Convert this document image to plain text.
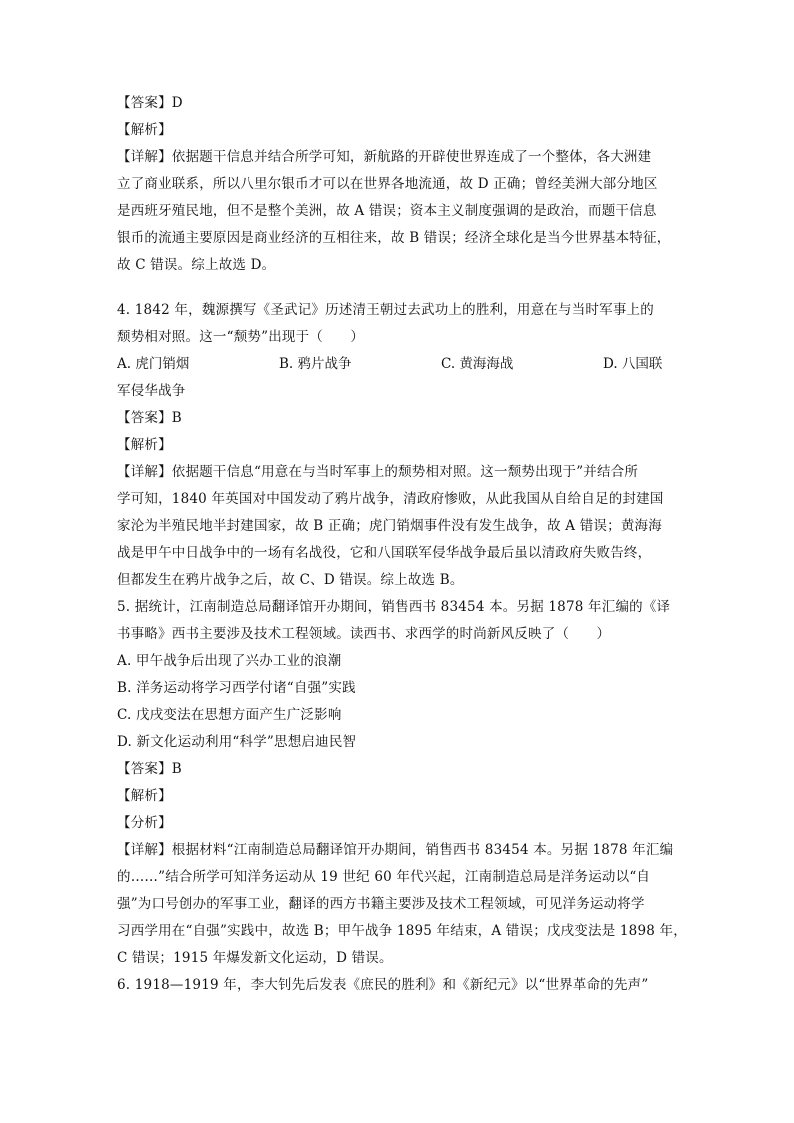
【答案】D
【解析】
【详解】依据题干信息并结合所学可知，新航路的开辟使世界连成了一个整体，各大洲建
立了商业联系，所以八里尔银币才可以在世界各地流通，故 D 正确；曾经美洲大部分地区
是西班牙殖民地，但不是整个美洲，故 A 错误；资本主义制度强调的是政治，而题干信息
银币的流通主要原因是商业经济的互相往来，故 B 错误；经济全球化是当今世界基本特征，
故 C 错误。综上故选 D。
4. 1842 年，魏源撰写《圣武记》历述清王朝过去武功上的胜利，用意在与当时军事上的
颓势相对照。这一“颓势”出现于（　　）
A. 虎门销烟	B. 鸦片战争	C. 黄海海战	D. 八国联
军侵华战争
【答案】B
【解析】
【详解】依据题干信息“用意在与当时军事上的颓势相对照。这一颓势出现于”并结合所
学可知，1840 年英国对中国发动了鸦片战争，清政府惨败，从此我国从自给自足的封建国
家沦为半殖民地半封建国家，故 B 正确；虎门销烟事件没有发生战争，故 A 错误；黄海海
战是甲午中日战争中的一场有名战役，它和八国联军侵华战争最后虽以清政府失败告终，
但都发生在鸦片战争之后，故 C、D 错误。综上故选 B。
5. 据统计，江南制造总局翻译馆开办期间，销售西书 83454 本。另据 1878 年汇编的《译
书事略》西书主要涉及技术工程领域。读西书、求西学的时尚新风反映了（　　）
A. 甲午战争后出现了兴办工业的浪潮
B. 洋务运动将学习西学付诸“自强”实践
C. 戊戌变法在思想方面产生广泛影响
D. 新文化运动利用“科学”思想启迪民智
【答案】B
【解析】
【分析】
【详解】根据材料“江南制造总局翻译馆开办期间，销售西书 83454 本。另据 1878 年汇编
的……”结合所学可知洋务运动从 19 世纪 60 年代兴起，江南制造总局是洋务运动以“自
强”为口号创办的军事工业，翻译的西方书籍主要涉及技术工程领域，可见洋务运动将学
习西学用在“自强”实践中，故选 B；甲午战争 1895 年结束，A 错误；戊戌变法是 1898 年，
C 错误；1915 年爆发新文化运动，D 错误。
6. 1918—1919 年，李大钊先后发表《庶民的胜利》和《新纪元》以“世界革命的先声”
